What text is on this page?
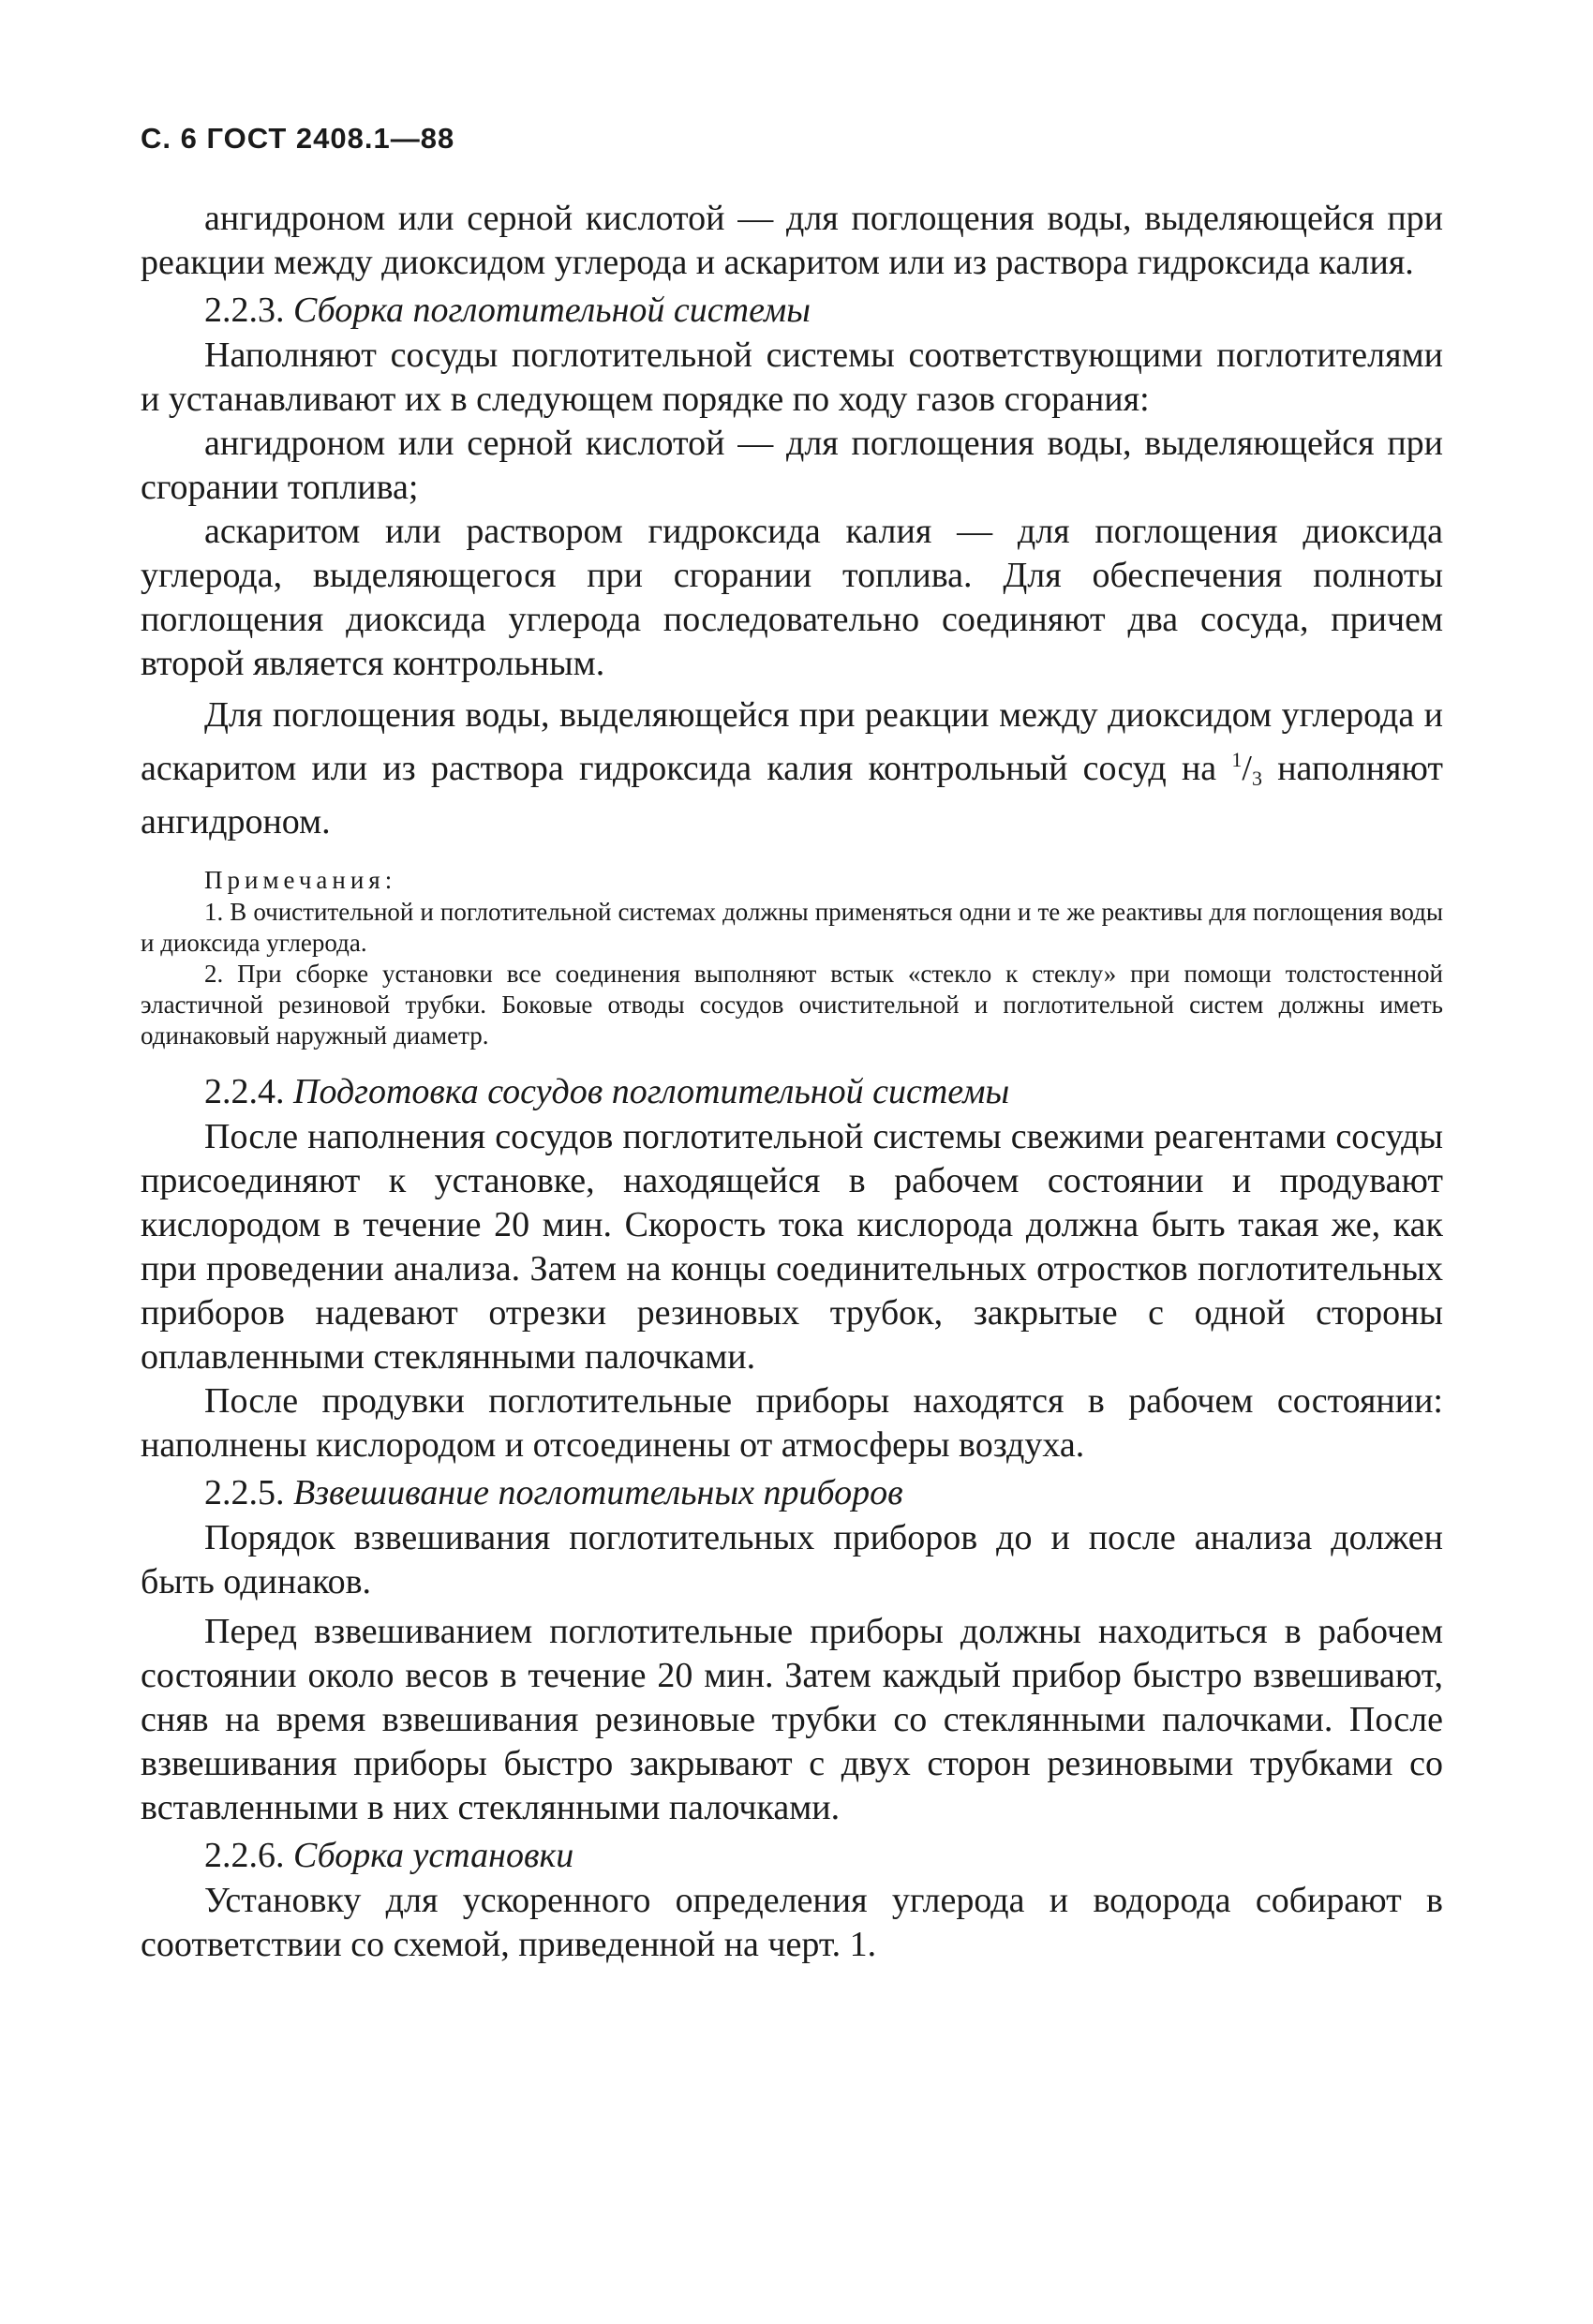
С. 6 ГОСТ 2408.1—88

ангидроном или серной кислотой — для поглощения воды, выделяющейся при реакции между диоксидом углерода и аскаритом или из раствора гидроксида калия.

2.2.3. Сборка поглотительной системы

Наполняют сосуды поглотительной системы соответствующими поглотителями и устанавливают их в следующем порядке по ходу газов сгорания:

ангидроном или серной кислотой — для поглощения воды, выделяющейся при сгорании топлива;

аскаритом или раствором гидроксида калия — для поглощения диоксида углерода, выделяющегося при сгорании топлива. Для обеспечения полноты поглощения диоксида углерода последовательно соединяют два сосуда, причем второй является контрольным.

Для поглощения воды, выделяющейся при реакции между диоксидом углерода и аскаритом или из раствора гидроксида калия контрольный сосуд на $^1/_3$ наполняют ангидроном.

Примечания:

1. В очистительной и поглотительной системах должны применяться одни и те же реактивы для поглощения воды и диоксида углерода.

2. При сборке установки все соединения выполняют встык «стекло к стеклу» при помощи толстостенной эластичной резиновой трубки. Боковые отводы сосудов очистительной и поглотительной систем должны иметь одинаковый наружный диаметр.

2.2.4. Подготовка сосудов поглотительной системы

После наполнения сосудов поглотительной системы свежими реагентами сосуды присоединяют к установке, находящейся в рабочем состоянии и продувают кислородом в течение 20 мин. Скорость тока кислорода должна быть такая же, как при проведении анализа. Затем на концы соединительных отростков поглотительных приборов надевают отрезки резиновых трубок, закрытые с одной стороны оплавленными стеклянными палочками.

После продувки поглотительные приборы находятся в рабочем состоянии: наполнены кислородом и отсоединены от атмосферы воздуха.

2.2.5. Взвешивание поглотительных приборов

Порядок взвешивания поглотительных приборов до и после анализа должен быть одинаков.

Перед взвешиванием поглотительные приборы должны находиться в рабочем состоянии около весов в течение 20 мин. Затем каждый прибор быстро взвешивают, сняв на время взвешивания резиновые трубки со стеклянными палочками. После взвешивания приборы быстро закрывают с двух сторон резиновыми трубками со вставленными в них стеклянными палочками.

2.2.6. Сборка установки

Установку для ускоренного определения углерода и водорода собирают в соответствии со схемой, приведенной на черт. 1.
